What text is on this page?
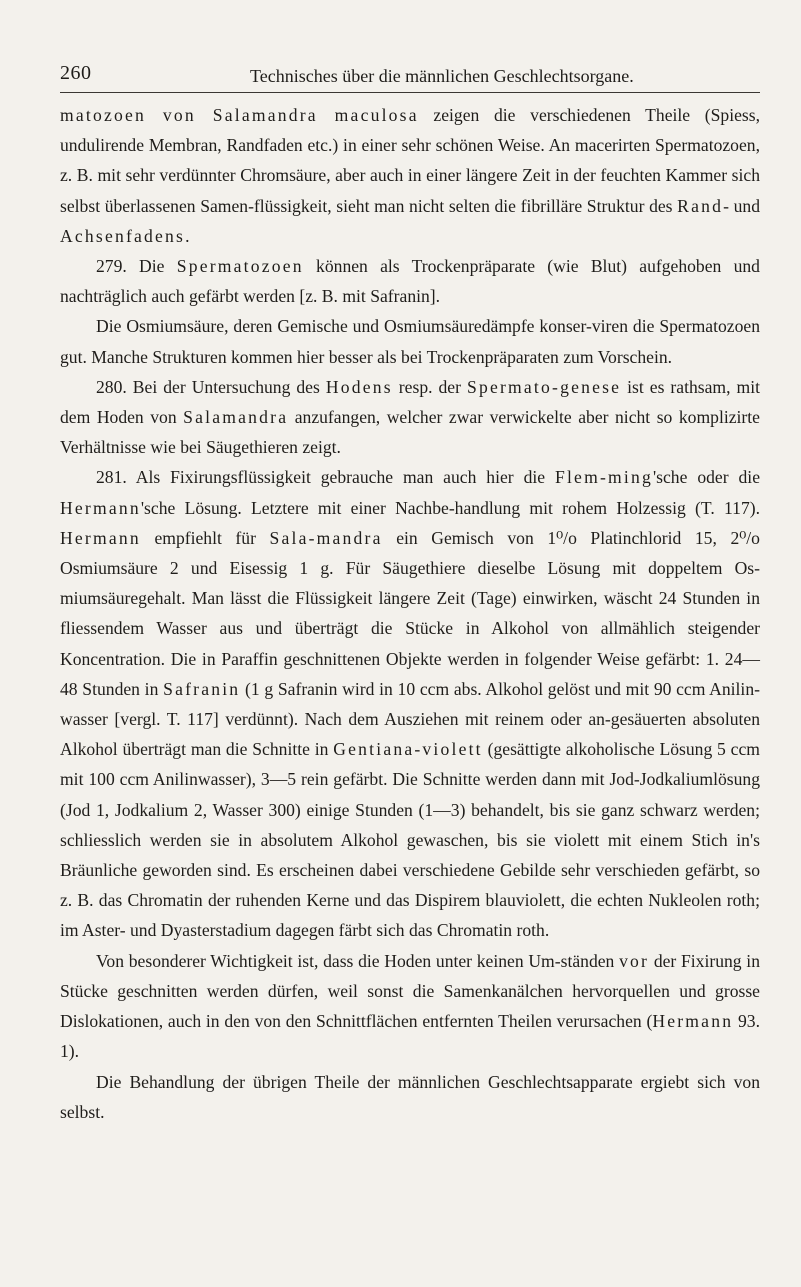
260	Technisches über die männlichen Geschlechtsorgane.

matozoen von Salamandra maculosa zeigen die verschiedenen Theile (Spiess, undulirende Membran, Randfaden etc.) in einer sehr schönen Weise. An macerirten Spermatozoen, z. B. mit sehr verdünnter Chromsäure, aber auch in einer längere Zeit in der feuchten Kammer sich selbst überlassenen Samen-flüssigkeit, sieht man nicht selten die fibrilläre Struktur des Rand- und Achsenfadens.

279. Die Spermatozoen können als Trockenpräparate (wie Blut) aufgehoben und nachträglich auch gefärbt werden [z. B. mit Safranin].

Die Osmiumsäure, deren Gemische und Osmiumsäuredämpfe konser-viren die Spermatozoen gut. Manche Strukturen kommen hier besser als bei Trockenpräparaten zum Vorschein.

280. Bei der Untersuchung des Hodens resp. der Spermato-genese ist es rathsam, mit dem Hoden von Salamandra anzufangen, welcher zwar verwickelte aber nicht so komplizirte Verhältnisse wie bei Säugethieren zeigt.

281. Als Fixirungsflüssigkeit gebrauche man auch hier die Flem-ming'sche oder die Hermann'sche Lösung. Letztere mit einer Nachbe-handlung mit rohem Holzessig (T. 117). Hermann empfiehlt für Sala-mandra ein Gemisch von 1⁰/o Platinchlorid 15, 2⁰/o Osmiumsäure 2 und Eisessig 1 g. Für Säugethiere dieselbe Lösung mit doppeltem Os-miumsäuregehalt. Man lässt die Flüssigkeit längere Zeit (Tage) einwirken, wäscht 24 Stunden in fliessendem Wasser aus und überträgt die Stücke in Alkohol von allmählich steigender Koncentration. Die in Paraffin geschnittenen Objekte werden in folgender Weise gefärbt: 1. 24—48 Stunden in Safranin (1 g Safranin wird in 10 ccm abs. Alkohol gelöst und mit 90 ccm Anilin-wasser [vergl. T. 117] verdünnt). Nach dem Ausziehen mit reinem oder an-gesäuerten absoluten Alkohol überträgt man die Schnitte in Gentiana-violett (gesättigte alkoholische Lösung 5 ccm mit 100 ccm Anilinwasser), 3—5 rein gefärbt. Die Schnitte werden dann mit Jod-Jodkaliumlösung (Jod 1, Jodkalium 2, Wasser 300) einige Stunden (1—3) behandelt, bis sie ganz schwarz werden; schliesslich werden sie in absolutem Alkohol gewaschen, bis sie violett mit einem Stich in's Bräunliche geworden sind. Es erscheinen dabei verschiedene Gebilde sehr verschieden gefärbt, so z. B. das Chromatin der ruhenden Kerne und das Dispirem blauviolett, die echten Nukleolen roth; im Aster- und Dyasterstadium dagegen färbt sich das Chromatin roth.

Von besonderer Wichtigkeit ist, dass die Hoden unter keinen Um-ständen vor der Fixirung in Stücke geschnitten werden dürfen, weil sonst die Samenkanälchen hervorquellen und grosse Dislokationen, auch in den von den Schnittflächen entfernten Theilen verursachen (Hermann 93. 1).

Die Behandlung der übrigen Theile der männlichen Geschlechtsapparate ergiebt sich von selbst.
